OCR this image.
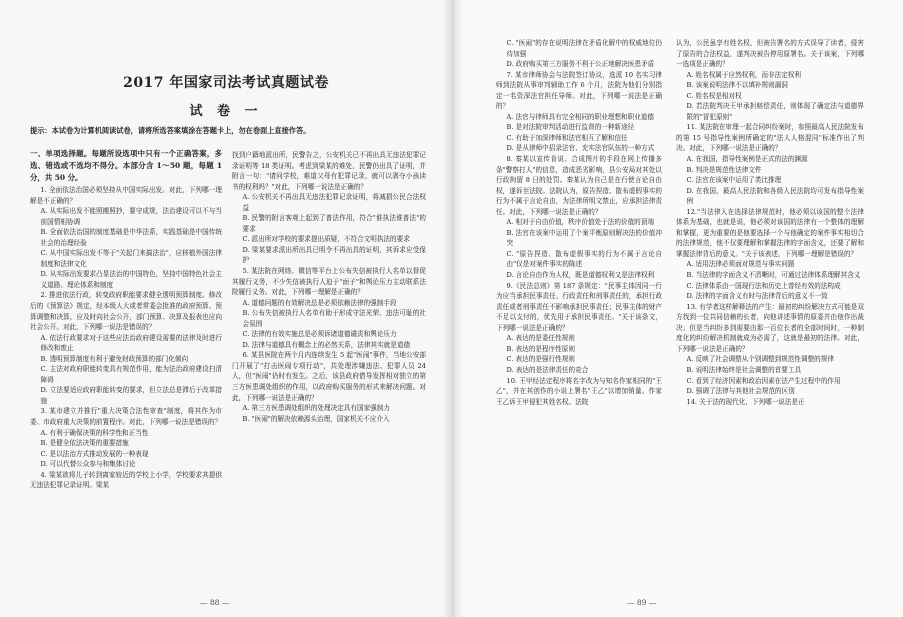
2017 年国家司法考试真题试卷
试 卷 一
提示：本试卷为计算机阅读试卷，请将所选答案填涂在答题卡上，勿在卷面上直接作答。

一、单项选择题。每题所设选项中只有一个正确答案，多选、错选或不选均不得分。本部分含 1～50 题，每题 1 分，共 50 分。

1. 全面依法治国必须坚持从中国实际出发。对此，下列哪一理解是不正确的？

A. 从实际出发不能照搬照抄，要守成规，法治建设可以不与当前国情相协调

B. 全面依法治国的制度基础是中华法系，实践基础是中国传统社会的治理经验

C. 从中国实际出发不等于"关起门来搞法治"，应移植外国法律制度和法律文化

D. 从实际出发要求凸显法治的中国特色，坚持中国特色社会主义道路、理论体系和制度

2. 推进依法行政，转变政府职能要求健全透明预算制度。修改后的《预算法》规定，经本级人大或者常委会批准的政府预算、预算调整和决算，应及时向社会公开，部门预算、决算及报表也应向社会公开。对此，下列哪一说法是错误的？

A. 依法行政要求对于这些应法治政府建设需要的法律及时进行修改和废止

B. 透明预算制度有利于避免财政预算的部门化倾向

C. 主法对政府职能转变具有规范作用，能为法治政府建设扫清障碍

D. 立法要适应政府职能转变的要求，但立法总是滞后于改革措施

3. 某市建立并推行"重大决策合法性审查"制度，将其作为市委、市政府重大决策的前置程序。对此，下列哪一说法是错误的？

A. 有利于确保决策的科学性和正当性

B. 是健全依法决策的重要措施

C. 是以法治方式推动发展的一种表现

D. 可以代替公众参与和集体讨论

4. 梁某欲将儿子转到离家较近的学校上小学，学校要求其提供无违法犯罪记录证明。梁某

找到户籍地派出所，民警告之，公安机关已不再出具无违法犯罪记录证明等 18 类证明。考虑到梁某的难处，民警仍出具了证明，并附言一句："请问学校，难道父母有犯罪记录，就可以剥夺小孩读书的权利吗？"对此，下列哪一说法是正确的？

A. 公安机关不再出具无违法犯罪记录证明，将减损公民合法权益

B. 民警的附言客观上起到了普法作用，符合"谁执法谁普法"的要求

C. 派出所对学校的要求提出质疑，不符合文明执法的要求

D. 梁某要求派出所出具已明令不再出具的证明，其诉求应受保护

5. 某法院在网络、微信等平台上公布失信被执行人名单以督促其履行义务，不少失信被执行人迫于"面子"和舆论压力主动联系法院履行义务。对此，下列哪一理解是正确的？

A. 道德问题的有效解决总是必须依赖法律的强制手段

B. 公布失信被执行人名单有助于形成守法光荣、违法可耻的社会氛围

C. 法律的有效实施总是必须诉诸道德谴责和舆论压力

D. 法律与道德具有概念上的必然关系，法律其实就是道德

6. 某县医院在两个月内连续发生 5 起"医闹"事件，当地公安部门开展了"打击医闹专项行动"，共处理涉嫌违法、犯罪人员 24 人，但"医闹"仍时有发生。之后，该县政府借导发挥相对独立的第三方医患调处组织的作用，以政府购买服务的形式来解决问题。对此，下列哪一说法是正确的？

A. 第三方医患调处组织的处理决定具有国家强制力

B. "医闹"的解决依赖源头治理，国家机关不应介入

— 88 —

C. "医闹"的存在说明法律在矛盾化解中的权威地位仍待加强

D. 政府购买第三方服务不利于公正地解决医患矛盾

7. 某市律师协会与法院签订协议，选派 10 名实习律师到法院从事审判辅助工作 6 个月，法院为他们分别指定一名资深法官担任导师。对此，下列哪一说法是正确的？

A. 法官与律师具有完全相同的职业理想和职业道德

B. 是对法院审判活动进行监督的一种新途径

C. 有助于加深律师和法官相互了解和信任

D. 是从律师中招录法官、充实法官队伍的一种方式

8. 秦某以宣传肯说、合成图片的手段在网上传播多条"警察打人"的信息，造成恶劣影响，县公安局对其处以行政拘留 8 日的处罚。秦某认为自己是在行使言论自由权，遂诉至法院。法院认为，原告捏造、散布虚假事实的行为不属于言论自由，为法律所明文禁止，应承担法律责任。对此，下列哪一说法是正确的？

A. 相对于自由价值，秩序价值处于法的价值的顶端

B. 法官在该案中运用了个案平衡原则解决法的价值冲突

C. "原告捏造、散布虚假事实的行为不属于言论自由"仅是对案件事实的陈述

D. 言论自由作为人权，既是道德权利又是法律权利

9.《民法总则》第 187 条规定："民事主体因同一行为应当承担民事责任、行政责任和刑事责任的，承担行政责任或者刑事责任不影响承担民事责任；民事主体的财产不足以支付的，优先用于承担民事责任。"关于该条文，下列哪一说法是正确的？

A. 表达的是委任性规则

B. 表达的是程序性原则

C. 表达的是强行性规则

D. 表达的是法律责任的竞合

10. 王甲经法定程序将名字改为与知名作家相同的"王乙"，并在其创作的小说上署名"王乙"以增加销量。作家王乙诉王甲侵犯其姓名权。法院

认为，公民虽享有姓名权，但被告署名的方式误导了读者，侵害了原告的合法权益，遂判决被告停用原署名。关于该案，下列哪一选项是正确的？

A. 姓名权属于应然权利，而非法定权利

B. 该案说明法律不以填补规则漏洞

C. 姓名权是相对权

D. 若法院判决王甲承担赔偿责任，则体现了确定法与道德界限的"冒犯原则"

11. 某法院在审理一起合同纠纷案时，参照最高人民法院发布的第 15 号指导性案例所确定的"法人人格混同"标准作出了判决。对此，下列哪一说法是正确的？

A. 在我国，指导性案例是正式的法的渊源

B. 判决是规范性法律文件

C. 法官在该案中运用了类比推理

D. 在我国，最高人民法院和各级人民法院均可发布指导性案例

12."当法律人在选择法律规范时，他必须以该国的整个法律体系为基础，也就是说，他必须对该国的法律有一个整体的理解和掌握，更为重要的是他要选择一个与他确定的案件事实相切合的法律规范，他不仅要理解和掌握法律的字面含义，还要了解和掌握法律背后的意义。"关于该表述，下列哪一理解是错误的？

A. 适用法律必须面对规范与事实问题

B. 当法律的字面含义不清晰时，可通过法律体系理解其含义

C. 法律体系由一国现行法和历史上曾经有效的法构成

D. 法律的字面含义有时与法律背后的意义不一致

13. 有学者这样解释法的产生：最初的纠纷解决方式可能是双方找到一位共同信赖的长者，向他讲述事情的原委并由他作出裁决；但是当纠纷多到需要由那一百位长者的全部时间时，一种制度化的纠纷解决机制就成为必需了，这就是最初的法律。对此，下列哪一说法是正确的？

A. 反映了社会调整从个别调整到规范性调整的规律

B. 说明法律始终是社会调整的首要工具

C. 看到了经济因素和政治因素在法产生过程中的作用

D. 强调了法律与其他社会规范的区别

14. 关于法的现代化，下列哪一说法是正

— 89 —
